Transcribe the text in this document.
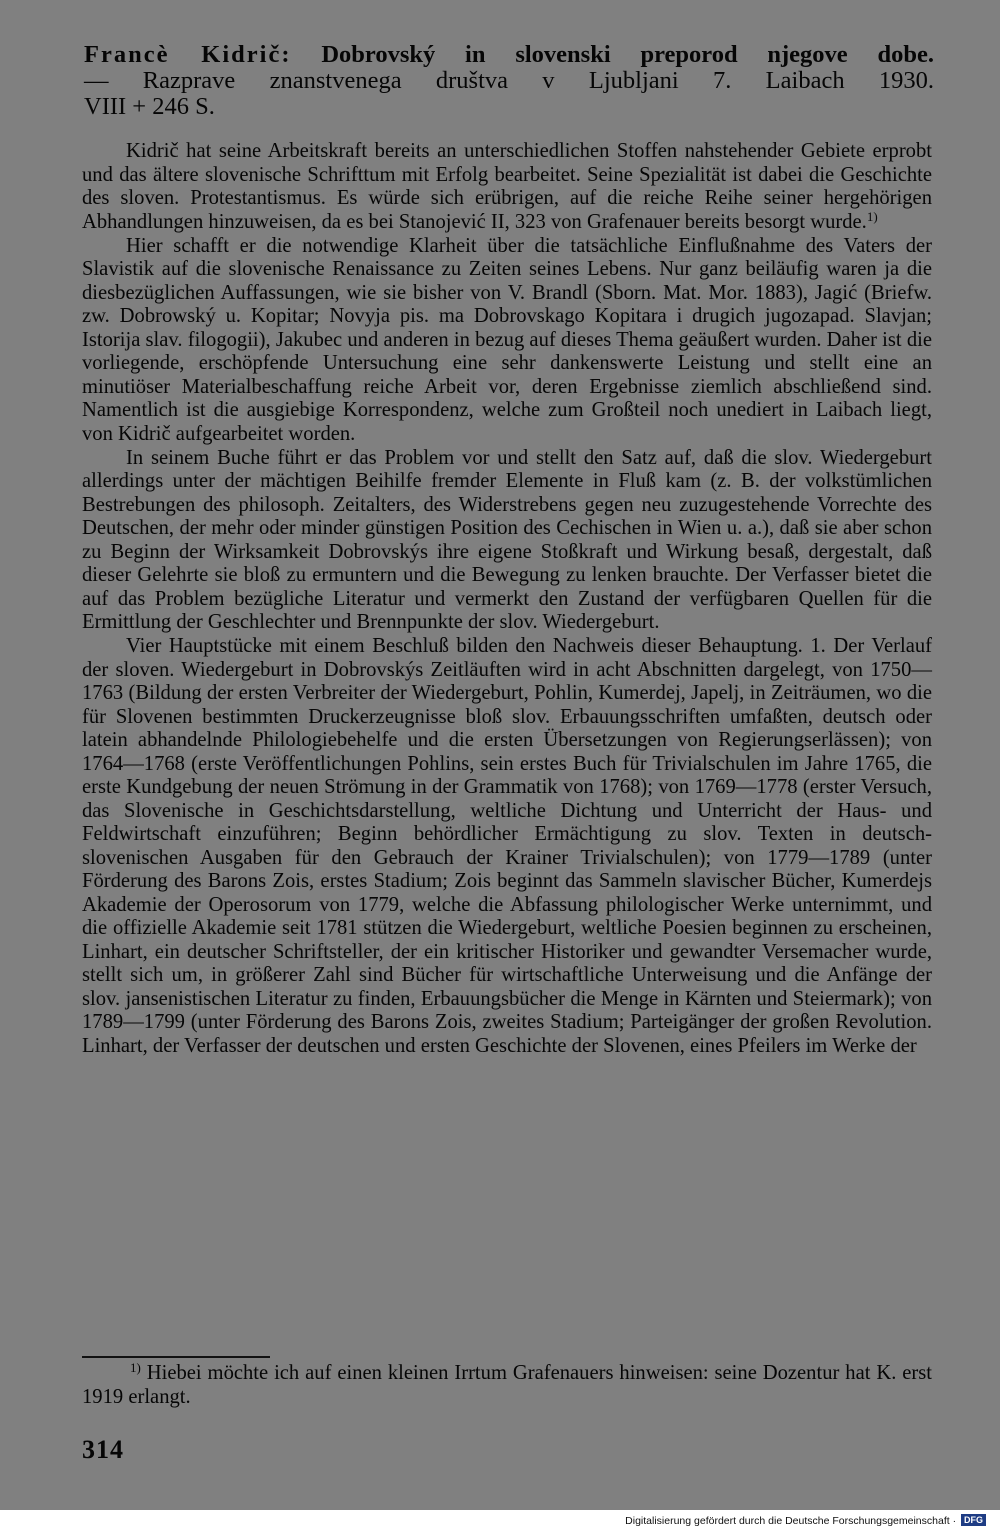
Francè Kidrič: Dobrovský in slovenski preporod njegove dobe.
— Razprave znanstvenega društva v Ljubljani 7. Laibach 1930.
VIII + 246 S.

Kidrič hat seine Arbeitskraft bereits an unterschiedlichen Stoffen nahstehender Gebiete erprobt und das ältere slovenische Schrifttum mit Erfolg bearbeitet. Seine Spezialität ist dabei die Geschichte des sloven. Protestantismus. Es würde sich erübrigen, auf die reiche Reihe seiner hergehörigen Abhandlungen hinzuweisen, da es bei Stanojević II, 323 von Grafenauer bereits besorgt wurde.$^{1)}$

Hier schafft er die notwendige Klarheit über die tatsächliche Einflußnahme des Vaters der Slavistik auf die slovenische Renaissance zu Zeiten seines Lebens. Nur ganz beiläufig waren ja die diesbezüglichen Auffassungen, wie sie bisher von V. Brandl (Sborn. Mat. Mor. 1883), Jagić (Briefw. zw. Dobrowský u. Kopitar; Novyja pis. ma Dobrovskago Kopitara i drugich jugozapad. Slavjan; Istorija slav. filogogii), Jakubec und anderen in bezug auf dieses Thema geäußert wurden. Daher ist die vorliegende, erschöpfende Untersuchung eine sehr dankenswerte Leistung und stellt eine an minutiöser Materialbeschaffung reiche Arbeit vor, deren Ergebnisse ziemlich abschließend sind. Namentlich ist die ausgiebige Korrespondenz, welche zum Großteil noch unediert in Laibach liegt, von Kidrič aufgearbeitet worden.

In seinem Buche führt er das Problem vor und stellt den Satz auf, daß die slov. Wiedergeburt allerdings unter der mächtigen Beihilfe fremder Elemente in Fluß kam (z. B. der volkstümlichen Bestrebungen des philosoph. Zeitalters, des Widerstrebens gegen neu zuzugestehende Vorrechte des Deutschen, der mehr oder minder günstigen Position des Cechischen in Wien u. a.), daß sie aber schon zu Beginn der Wirksamkeit Dobrovskýs ihre eigene Stoßkraft und Wirkung besaß, dergestalt, daß dieser Gelehrte sie bloß zu ermuntern und die Bewegung zu lenken brauchte. Der Verfasser bietet die auf das Problem bezügliche Literatur und vermerkt den Zustand der verfügbaren Quellen für die Ermittlung der Geschlechter und Brennpunkte der slov. Wiedergeburt.

Vier Hauptstücke mit einem Beschluß bilden den Nachweis dieser Behauptung. 1. Der Verlauf der sloven. Wiedergeburt in Dobrovskýs Zeitläuften wird in acht Abschnitten dargelegt, von 1750—1763 (Bildung der ersten Verbreiter der Wiedergeburt, Pohlin, Kumerdej, Japelj, in Zeiträumen, wo die für Slovenen bestimmten Druckerzeugnisse bloß slov. Erbauungsschriften umfaßten, deutsch oder latein abhandelnde Philologiebehelfe und die ersten Übersetzungen von Regierungserlässen); von 1764—1768 (erste Veröffentlichungen Pohlins, sein erstes Buch für Trivialschulen im Jahre 1765, die erste Kundgebung der neuen Strömung in der Grammatik von 1768); von 1769—1778 (erster Versuch, das Slovenische in Geschichtsdarstellung, weltliche Dichtung und Unterricht der Haus- und Feldwirtschaft einzuführen; Beginn behördlicher Ermächtigung zu slov. Texten in deutsch-slovenischen Ausgaben für den Gebrauch der Krainer Trivialschulen); von 1779—1789 (unter Förderung des Barons Zois, erstes Stadium; Zois beginnt das Sammeln slavischer Bücher, Kumerdejs Akademie der Operosorum von 1779, welche die Abfassung philologischer Werke unternimmt, und die offizielle Akademie seit 1781 stützen die Wiedergeburt, weltliche Poesien beginnen zu erscheinen, Linhart, ein deutscher Schriftsteller, der ein kritischer Historiker und gewandter Versemacher wurde, stellt sich um, in größerer Zahl sind Bücher für wirtschaftliche Unterweisung und die Anfänge der slov. jansenistischen Literatur zu finden, Erbauungsbücher die Menge in Kärnten und Steiermark); von 1789—1799 (unter Förderung des Barons Zois, zweites Stadium; Parteigänger der großen Revolution. Linhart, der Verfasser der deutschen und ersten Geschichte der Slovenen, eines Pfeilers im Werke der

$^{1)}$ Hiebei möchte ich auf einen kleinen Irrtum Grafenauers hinweisen: seine Dozentur hat K. erst 1919 erlangt.
314
Digitalisierung gefördert durch die Deutsche Forschungsgemeinschaft · DFG
